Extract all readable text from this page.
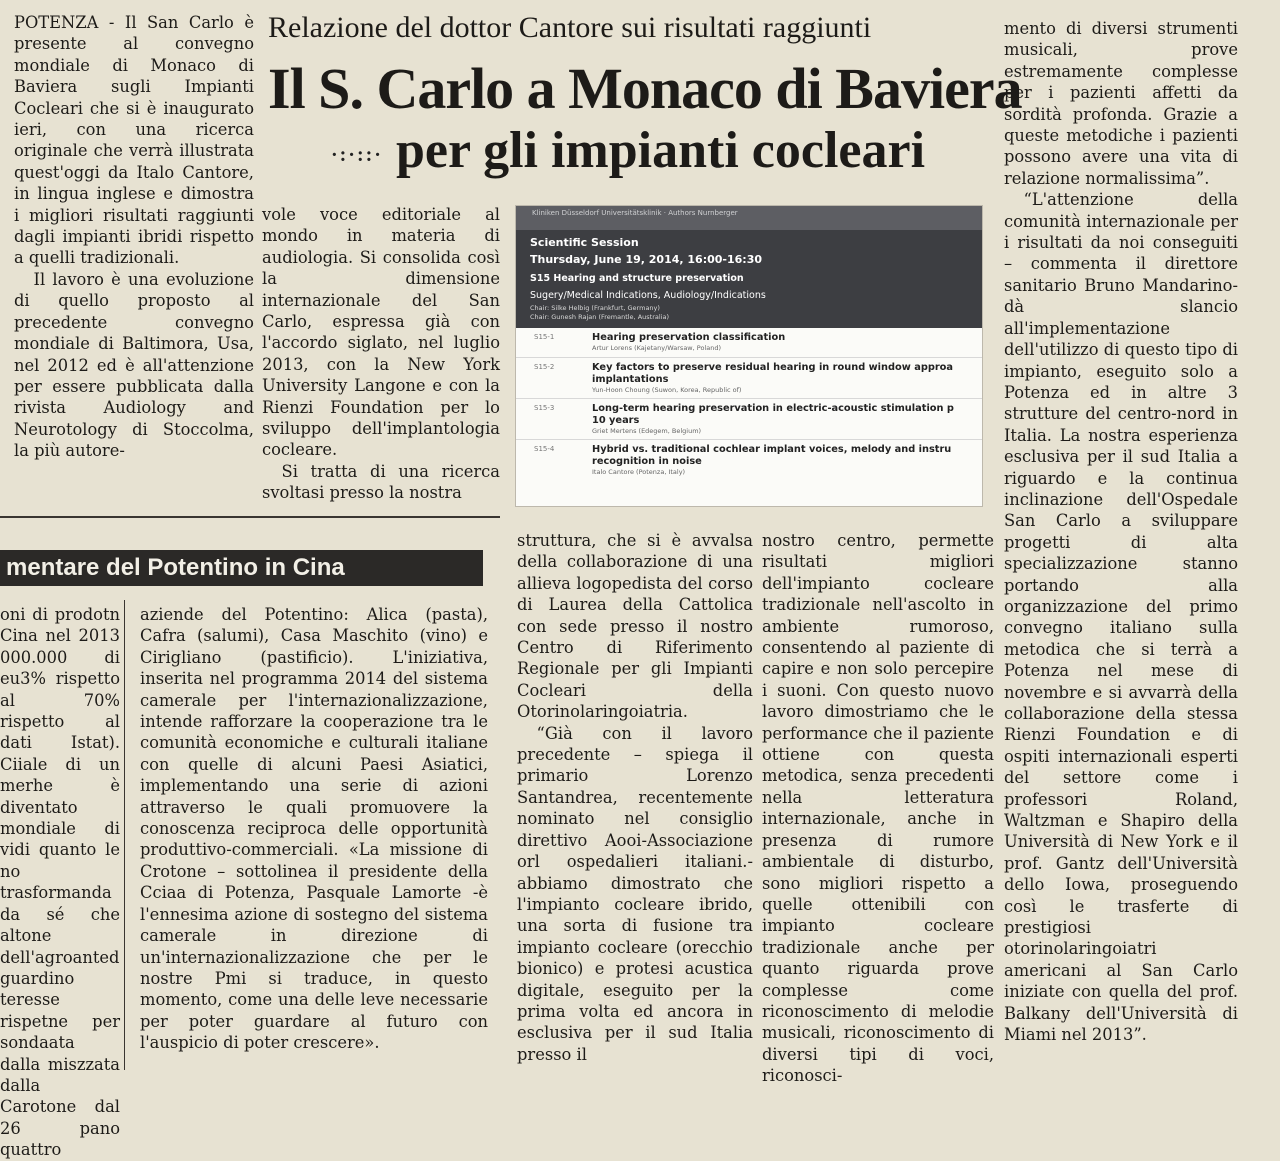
Relazione del dottor Cantore sui risultati raggiunti
Il S. Carlo a Monaco di Baviera
·:·::· per gli impianti cocleari

POTENZA - Il San Carlo è presente al convegno mondiale di Monaco di Baviera sugli Impianti Cocleari che si è inaugurato ieri, con una ricerca originale che verrà illustrata quest'oggi da Italo Cantore, in lingua inglese e dimostra i migliori risultati raggiunti dagli impianti ibridi rispetto a quelli tradizionali.

Il lavoro è una evoluzione di quello proposto al precedente convegno mondiale di Baltimora, Usa, nel 2012 ed è all'attenzione per essere pubblicata dalla rivista Audiology and Neurotology di Stoccolma, la più autore-

vole voce editoriale al mondo in materia di audiologia. Si consolida così la dimensione internazionale del San Carlo, espressa già con l'accordo siglato, nel luglio 2013, con la New York University Langone e con la Rienzi Foundation per lo sviluppo dell'implantologia cocleare.

Si tratta di una ricerca svoltasi presso la nostra

Kliniken Düsseldorf Universitätsklinik · Authors Nurnberger
Scientific Session
Thursday, June 19, 2014, 16:00-16:30
S15 Hearing and structure preservation
Sugery/Medical Indications, Audiology/Indications
Chair: Silke Helbig (Frankfurt, Germany)
Chair: Gunesh Rajan (Fremantle, Australia)
S15-1	Hearing preservation classification
Artur Lorens (Kajetany/Warsaw, Poland)
S15-2	Key factors to preserve residual hearing in round window approa
implantations
Yun-Hoon Choung (Suwon, Korea, Republic of)
S15-3	Long-term hearing preservation in electric-acoustic stimulation p
10 years
Griet Mertens (Edegem, Belgium)
S15-4	Hybrid vs. traditional cochlear implant voices, melody and instru
recognition in noise
Italo Cantore (Potenza, Italy)

struttura, che si è avvalsa della collaborazione di una allieva logopedista del corso di Laurea della Cattolica con sede presso il nostro Centro di Riferimento Regionale per gli Impianti Cocleari della Otorinolaringoiatria.

“Già con il lavoro precedente – spiega il primario Lorenzo Santandrea, recentemente nominato nel consiglio direttivo Aooi-Associazione orl ospedalieri italiani.- abbiamo dimostrato che l'impianto cocleare ibrido, una sorta di fusione tra impianto cocleare (orecchio bionico) e protesi acustica digitale, eseguito per la prima volta ed ancora in esclusiva per il sud Italia presso il

nostro centro, permette risultati migliori dell'impianto cocleare tradizionale nell'ascolto in ambiente rumoroso, consentendo al paziente di capire e non solo percepire i suoni. Con questo nuovo lavoro dimostriamo che le performance che il paziente ottiene con questa metodica, senza precedenti nella letteratura internazionale, anche in presenza di rumore ambientale di disturbo, sono migliori rispetto a quelle ottenibili con impianto cocleare tradizionale anche per quanto riguarda prove complesse come riconoscimento di melodie musicali, riconoscimento di diversi tipi di voci, riconosci-

mento di diversi strumenti musicali, prove estremamente complesse per i pazienti affetti da sordità profonda. Grazie a queste metodiche i pazienti possono avere una vita di relazione normalissima”.

“L'attenzione della comunità internazionale per i risultati da noi conseguiti – commenta il direttore sanitario Bruno Mandarino- dà slancio all'implementazione dell'utilizzo di questo tipo di impianto, eseguito solo a Potenza ed in altre 3 strutture del centro-nord in Italia. La nostra esperienza esclusiva per il sud Italia a riguardo e la continua inclinazione dell'Ospedale San Carlo a sviluppare progetti di alta specializzazione stanno portando alla organizzazione del primo convegno italiano sulla metodica che si terrà a Potenza nel mese di novembre e si avvarrà della collaborazione della stessa Rienzi Foundation e di ospiti internazionali esperti del settore come i professori Roland, Waltzman e Shapiro della Università di New York e il prof. Gantz dell'Università dello Iowa, proseguendo così le trasferte di prestigiosi otorinolaringoiatri americani al San Carlo iniziate con quella del prof. Balkany dell'Università di Miami nel 2013”.

mentare del Potentino in Cina

oni di prodotn Cina nel 2013 000.000 di eu3% rispetto al 70% rispetto al dati Istat). Ciiale di un merhe è diventato mondiale di vidi quanto le no trasformanda da sé che altone dell'agroanted guardino teresse rispetne per sondaata dalla miszzata dalla Carotone dal 26 pano quattro

aziende del Potentino: Alica (pasta), Cafra (salumi), Casa Maschito (vino) e Cirigliano (pastificio). L'iniziativa, inserita nel programma 2014 del sistema camerale per l'internazionalizzazione, intende rafforzare la cooperazione tra le comunità economiche e culturali italiane con quelle di alcuni Paesi Asiatici, implementando una serie di azioni attraverso le quali promuovere la conoscenza reciproca delle opportunità produttivo-commerciali. «La missione di Crotone – sottolinea il presidente della Cciaa di Potenza, Pasquale Lamorte -è l'ennesima azione di sostegno del sistema camerale in direzione di un'internazionalizzazione che per le nostre Pmi si traduce, in questo momento, come una delle leve necessarie per poter guardare al futuro con l'auspicio di poter crescere».
